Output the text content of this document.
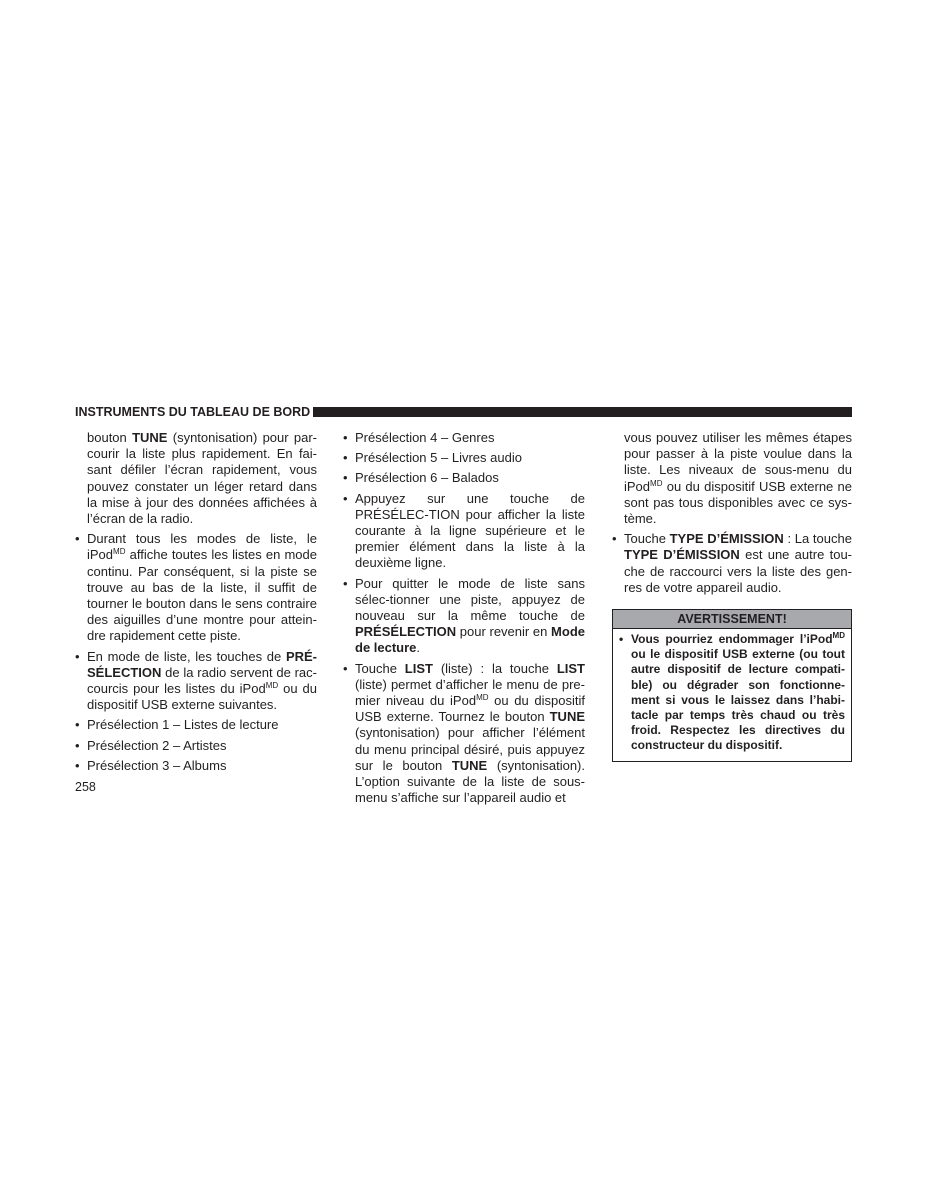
INSTRUMENTS DU TABLEAU DE BORD

bouton TUNE (syntonisation) pour par-courir la liste plus rapidement. En fai-sant défiler l’écran rapidement, vous pouvez constater un léger retard dans la mise à jour des données affichées à l’écran de la radio.

• Durant tous les modes de liste, le iPod$^{MD}$ affiche toutes les listes en mode continu. Par conséquent, si la piste se trouve au bas de la liste, il suffit de tourner le bouton dans le sens contraire des aiguilles d’une montre pour attein-dre rapidement cette piste.

• En mode de liste, les touches de PRÉ-SÉLECTION de la radio servent de rac-courcis pour les listes du iPod$^{MD}$ ou du dispositif USB externe suivantes.

• Présélection 1 – Listes de lecture

• Présélection 2 – Artistes

• Présélection 3 – Albums

• Présélection 4 – Genres

• Présélection 5 – Livres audio

• Présélection 6 – Balados

• Appuyez sur une touche de PRÉSÉLEC-TION pour afficher la liste courante à la ligne supérieure et le premier élément dans la liste à la deuxième ligne.

• Pour quitter le mode de liste sans sélec-tionner une piste, appuyez de nouveau sur la même touche de PRÉSÉLECTION pour revenir en Mode de lecture.

• Touche LIST (liste) : la touche LIST (liste) permet d’afficher le menu de pre-mier niveau du iPod$^{MD}$ ou du dispositif USB externe. Tournez le bouton TUNE (syntonisation) pour afficher l’élément du menu principal désiré, puis appuyez sur le bouton TUNE (syntonisation). L’option suivante de la liste de sous-menu s’affiche sur l’appareil audio et

vous pouvez utiliser les mêmes étapes pour passer à la piste voulue dans la liste. Les niveaux de sous-menu du iPod$^{MD}$ ou du dispositif USB externe ne sont pas tous disponibles avec ce sys-tème.

• Touche TYPE D’ÉMISSION : La touche TYPE D’ÉMISSION est une autre tou-che de raccourci vers la liste des gen-res de votre appareil audio.

AVERTISSEMENT!

• Vous pourriez endommager l’iPod$^{MD}$ ou le dispositif USB externe (ou tout autre dispositif de lecture compati-ble) ou dégrader son fonctionne-ment si vous le laissez dans l’habi-tacle par temps très chaud ou très froid. Respectez les directives du constructeur du dispositif.

258
